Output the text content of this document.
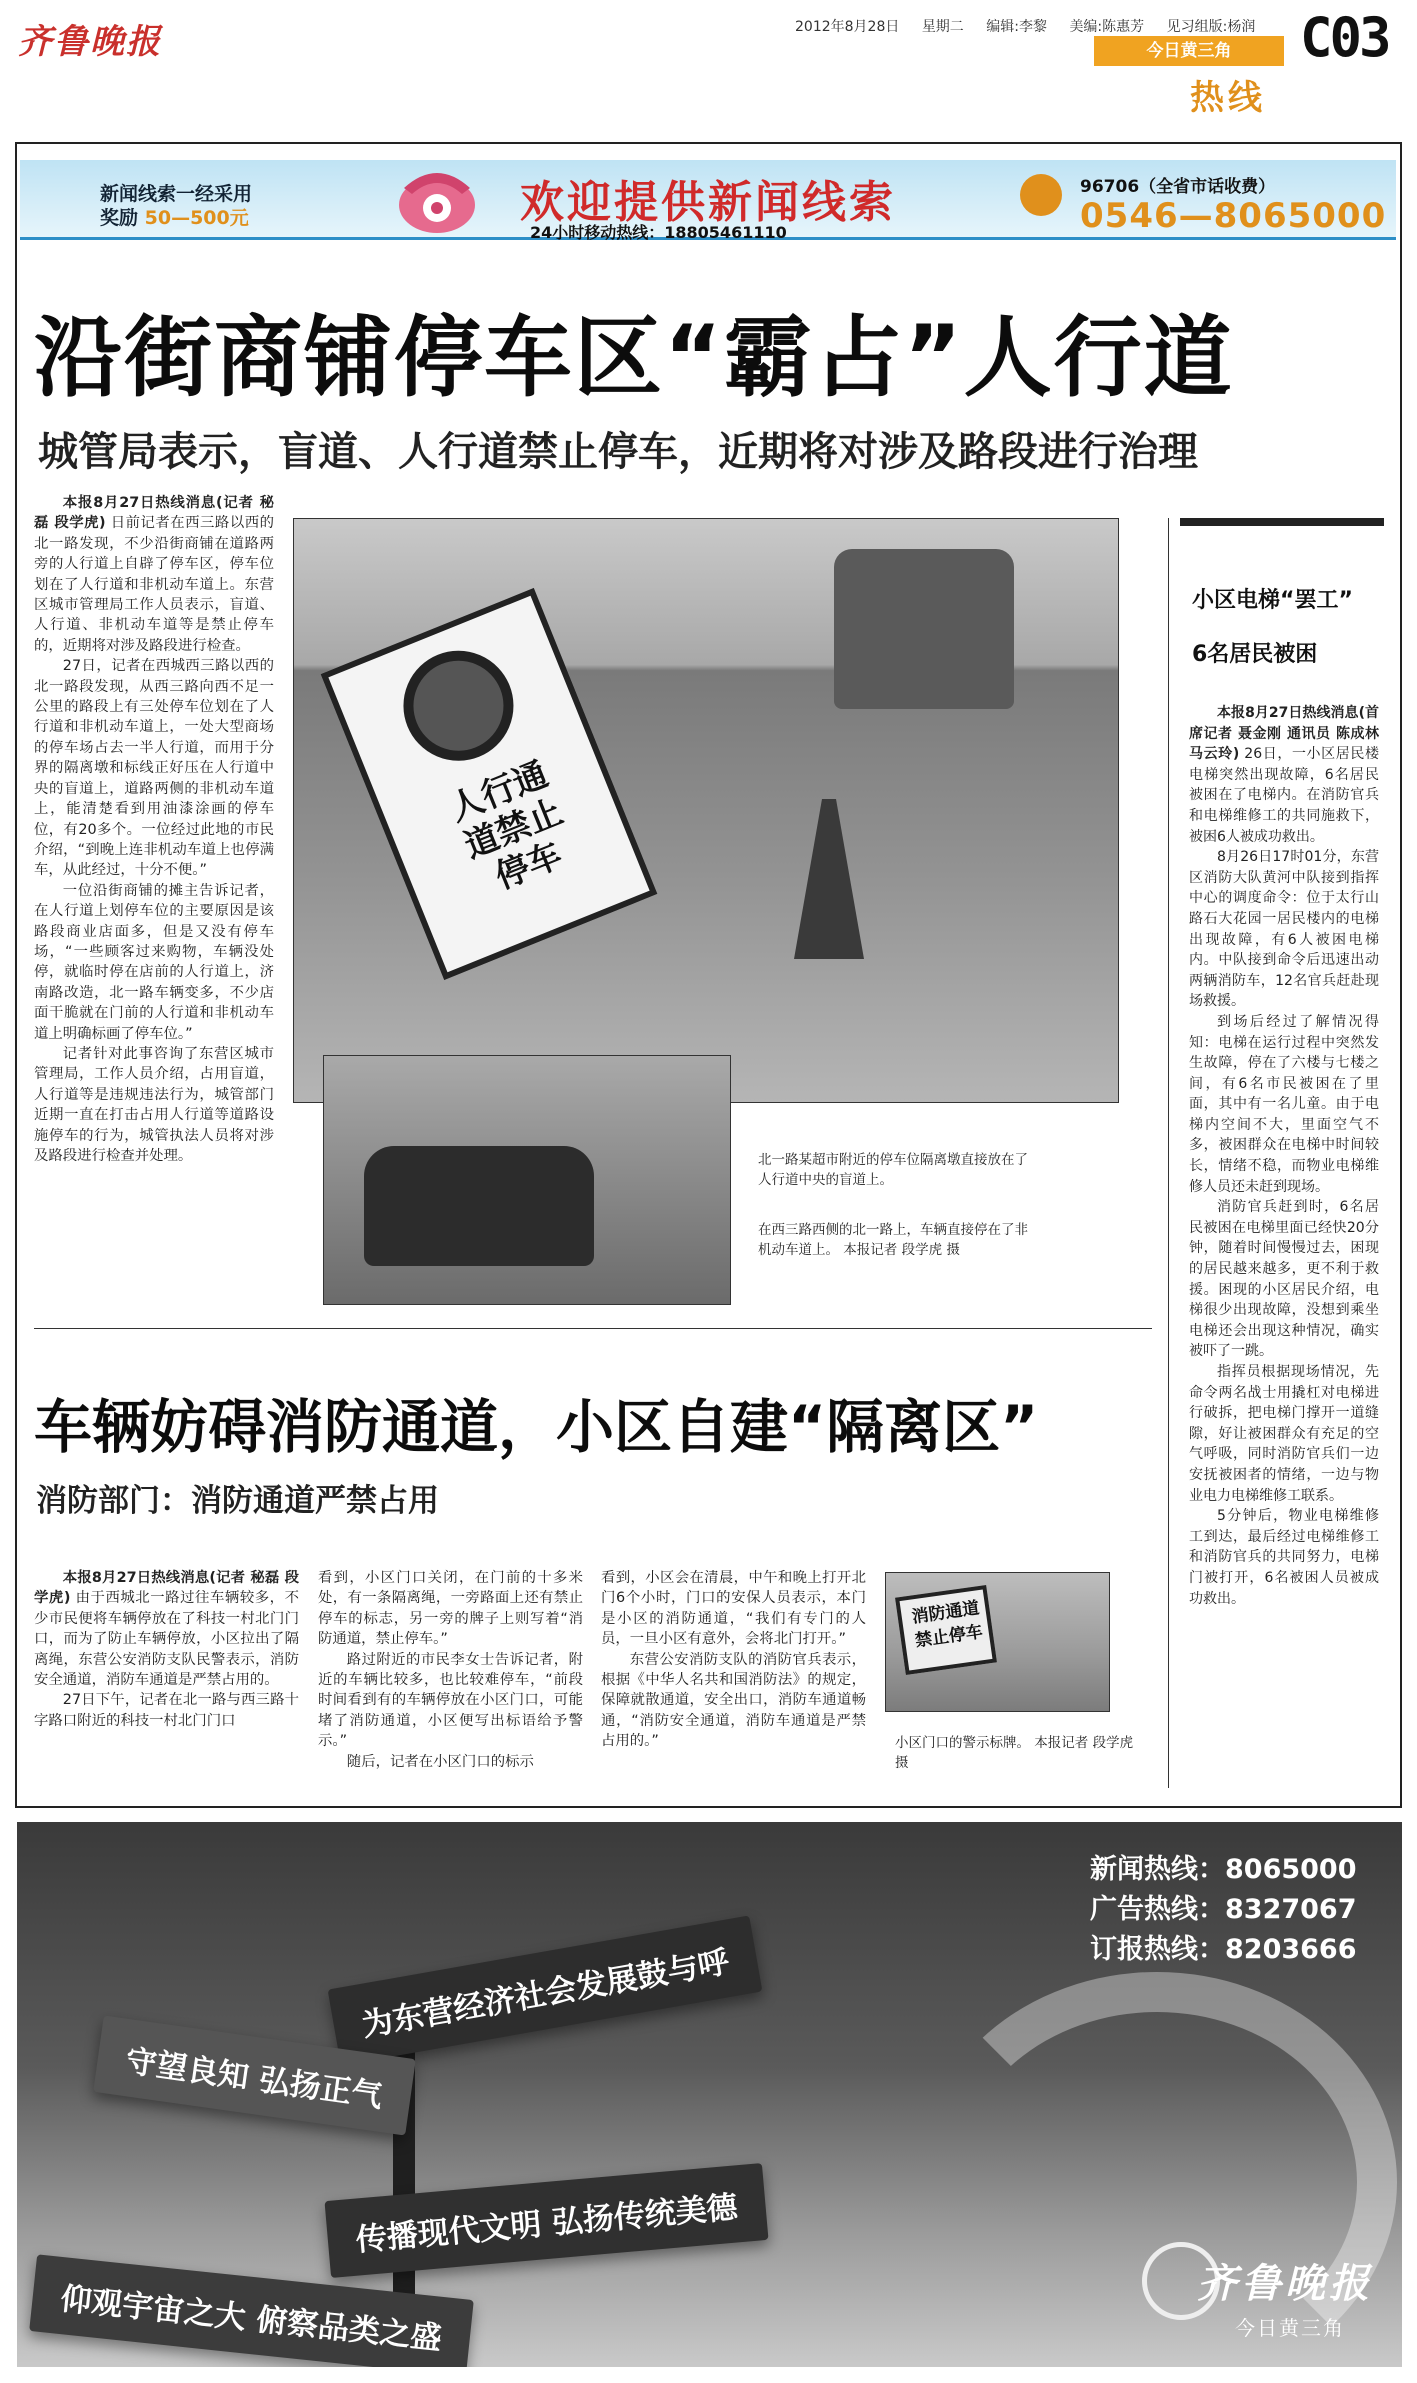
齐鲁晚报	2012年8月28日 星期二 编辑:李黎 美编:陈惠芳 见习组版:杨润
今日黄三角
热线
C03
新闻线索一经采用
奖励 50—500元	欢迎提供新闻线索
24小时移动热线：18805461110
96706（全省市话收费）
0546—8065000
沿街商铺停车区“霸占”人行道
城管局表示，盲道、人行道禁止停车，近期将对涉及路段进行治理

本报8月27日热线消息(记者 秘磊 段学虎) 日前记者在西三路以西的北一路发现，不少沿街商铺在道路两旁的人行道上自辟了停车区，停车位划在了人行道和非机动车道上。东营区城市管理局工作人员表示，盲道、人行道、非机动车道等是禁止停车的，近期将对涉及路段进行检查。

27日，记者在西城西三路以西的北一路段发现，从西三路向西不足一公里的路段上有三处停车位划在了人行道和非机动车道上，一处大型商场的停车场占去一半人行道，而用于分界的隔离墩和标线正好压在人行道中央的盲道上，道路两侧的非机动车道上，能清楚看到用油漆涂画的停车位，有20多个。一位经过此地的市民介绍，“到晚上连非机动车道上也停满车，从此经过，十分不便。”

一位沿街商铺的摊主告诉记者，在人行道上划停车位的主要原因是该路段商业店面多，但是又没有停车场，“一些顾客过来购物，车辆没处停，就临时停在店前的人行道上，济南路改造，北一路车辆变多，不少店面干脆就在门前的人行道和非机动车道上明确标画了停车位。”

记者针对此事咨询了东营区城市管理局，工作人员介绍，占用盲道，人行道等是违规违法行为，城管部门近期一直在打击占用人行道等道路设施停车的行为，城管执法人员将对涉及路段进行检查并处理。

人行通道禁止停车
北一路某超市附近的停车位隔离墩直接放在了人行道中央的盲道上。
在西三路西侧的北一路上，车辆直接停在了非机动车道上。 本报记者 段学虎 摄
小区电梯“罢工”
6名居民被困

本报8月27日热线消息(首席记者 聂金刚 通讯员 陈成林 马云玲) 26日，一小区居民楼电梯突然出现故障，6名居民被困在了电梯内。在消防官兵和电梯维修工的共同施救下，被困6人被成功救出。

8月26日17时01分，东营区消防大队黄河中队接到指挥中心的调度命令：位于太行山路石大花园一居民楼内的电梯出现故障，有6人被困电梯内。中队接到命令后迅速出动两辆消防车，12名官兵赶赴现场救援。

到场后经过了解情况得知：电梯在运行过程中突然发生故障，停在了六楼与七楼之间，有6名市民被困在了里面，其中有一名儿童。由于电梯内空间不大，里面空气不多，被困群众在电梯中时间较长，情绪不稳，而物业电梯维修人员还未赶到现场。

消防官兵赶到时，6名居民被困在电梯里面已经快20分钟，随着时间慢慢过去，困现的居民越来越多，更不利于救援。困现的小区居民介绍，电梯很少出现故障，没想到乘坐电梯还会出现这种情况，确实被吓了一跳。

指挥员根据现场情况，先命令两名战士用撬杠对电梯进行破拆，把电梯门撑开一道缝隙，好让被困群众有充足的空气呼吸，同时消防官兵们一边安抚被困者的情绪，一边与物业电力电梯维修工联系。

5分钟后，物业电梯维修工到达，最后经过电梯维修工和消防官兵的共同努力，电梯门被打开，6名被困人员被成功救出。

车辆妨碍消防通道，小区自建“隔离区”
消防部门：消防通道严禁占用

本报8月27日热线消息(记者 秘磊 段学虎) 由于西城北一路过往车辆较多，不少市民便将车辆停放在了科技一村北门门口，而为了防止车辆停放，小区拉出了隔离绳，东营公安消防支队民警表示，消防安全通道，消防车通道是严禁占用的。

27日下午，记者在北一路与西三路十字路口附近的科技一村北门门口

看到，小区门口关闭，在门前的十多米处，有一条隔离绳，一旁路面上还有禁止停车的标志，另一旁的牌子上则写着“消防通道，禁止停车。”

路过附近的市民李女士告诉记者，附近的车辆比较多，也比较难停车，“前段时间看到有的车辆停放在小区门口，可能堵了消防通道，小区便写出标语给予警示。”

随后，记者在小区门口的标示

看到，小区会在清晨，中午和晚上打开北门6个小时，门口的安保人员表示，本门是小区的消防通道，“我们有专门的人员，一旦小区有意外，会将北门打开。”

东营公安消防支队的消防官兵表示，根据《中华人名共和国消防法》的规定，保障就散通道，安全出口，消防车通道畅通，“消防安全通道，消防车通道是严禁占用的。”

消防通道禁止停车
小区门口的警示标牌。 本报记者 段学虎 摄
新闻热线：8065000
广告热线：8327067
订报热线：8203666
为东营经济社会发展鼓与呼
守望良知 弘扬正气
传播现代文明 弘扬传统美德
仰观宇宙之大 俯察品类之盛	齐鲁晚报
今日黄三角
